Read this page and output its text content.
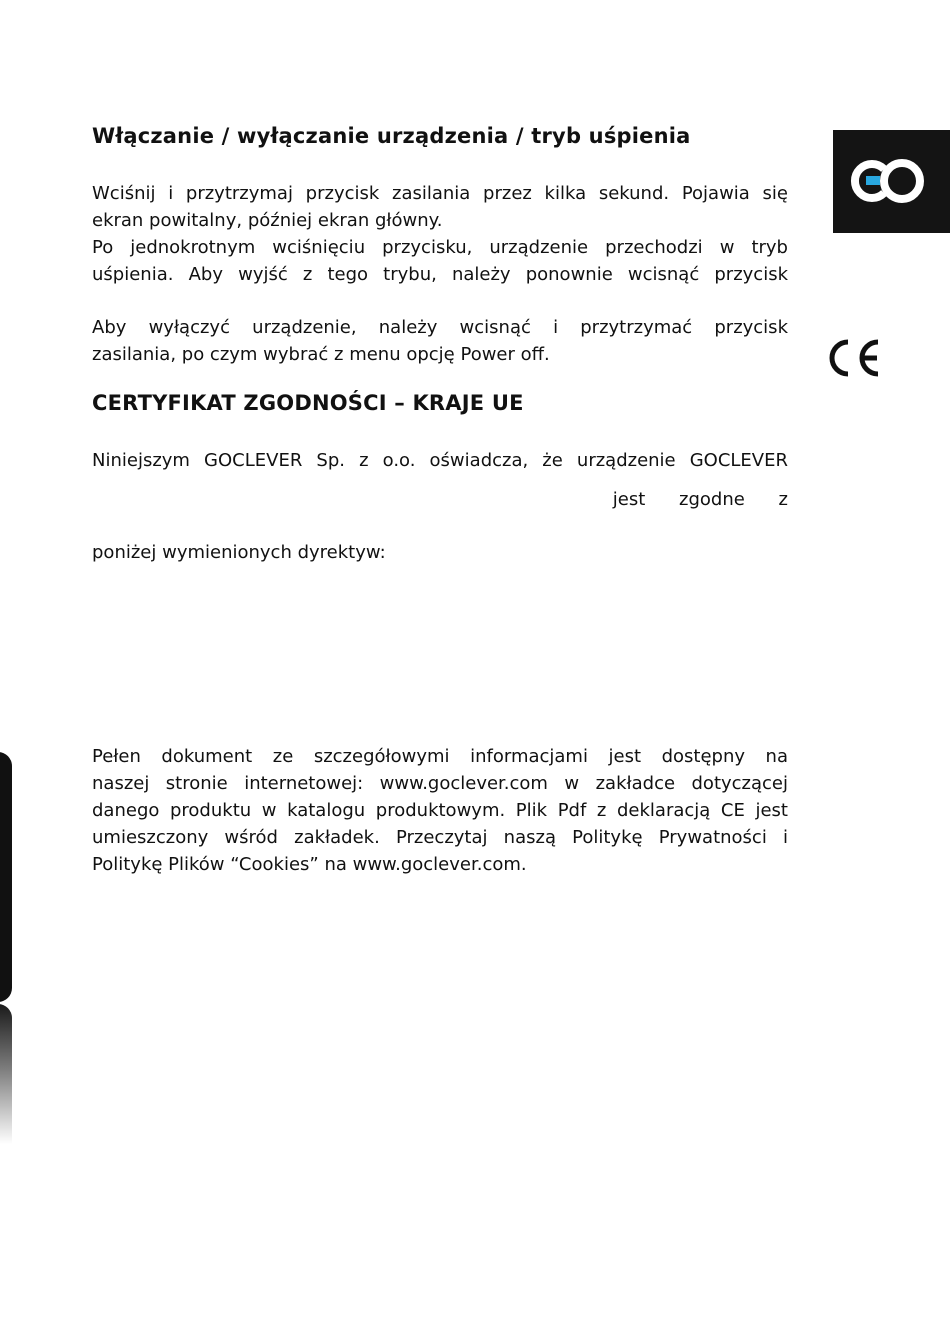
Włączanie / wyłączanie urządzenia / tryb uśpienia

Wciśnij i przytrzymaj przycisk zasilania przez kilka sekund. Pojawia się
ekran powitalny, później ekran główny.

Po jednokrotnym wciśnięciu przycisku, urządzenie przechodzi w tryb
uśpienia. Aby wyjść z tego trybu, należy ponownie wcisnąć przycisk

Aby wyłączyć urządzenie, należy wcisnąć i przytrzymać przycisk
zasilania, po czym wybrać z menu opcję Power off.

CERTYFIKAT ZGODNOŚCI – KRAJE UE

Niniejszym GOCLEVER Sp. z o.o. oświadcza, że urządzenie GOCLEVER

jest zgodne z

poniżej wymienionych dyrektyw:

Pełen dokument ze szczegółowymi informacjami jest dostępny na
naszej stronie internetowej: www.goclever.com w zakładce dotyczącej
danego produktu w katalogu produktowym. Plik Pdf z deklaracją CE jest
umieszczony wśród zakładek. Przeczytaj naszą Politykę Prywatności i
Politykę Plików “Cookies” na www.goclever.com.
